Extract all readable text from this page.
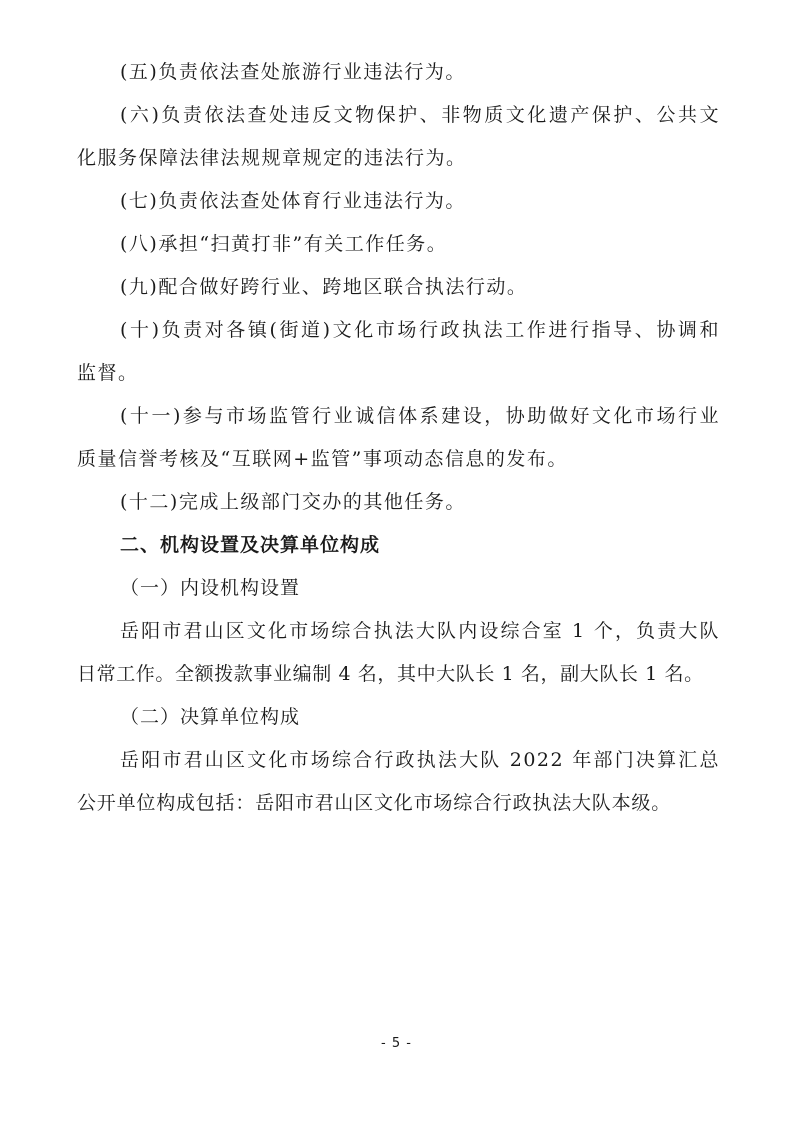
(五)负责依法查处旅游行业违法行为。
(六)负责依法查处违反文物保护、非物质文化遗产保护、公共文
化服务保障法律法规规章规定的违法行为。
(七)负责依法查处体育行业违法行为。
(八)承担“扫黄打非”有关工作任务。
(九)配合做好跨行业、跨地区联合执法行动。
(十)负责对各镇(街道)文化市场行政执法工作进行指导、协调和
监督。
(十一)参与市场监管行业诚信体系建设，协助做好文化市场行业
质量信誉考核及“互联网+监管”事项动态信息的发布。
(十二)完成上级部门交办的其他任务。
二、机构设置及决算单位构成
（一）内设机构设置
岳阳市君山区文化市场综合执法大队内设综合室 1 个，负责大队
日常工作。全额拨款事业编制 4 名，其中大队长 1 名，副大队长 1 名。
（二）决算单位构成
岳阳市君山区文化市场综合行政执法大队 2022 年部门决算汇总
公开单位构成包括：岳阳市君山区文化市场综合行政执法大队本级。
- 5 -
